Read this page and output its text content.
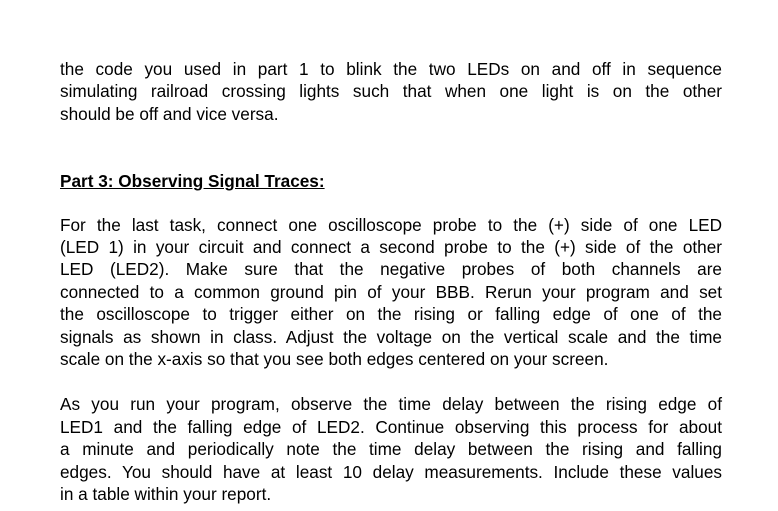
the code you used in part 1 to blink the two LEDs on and off in sequence
simulating railroad crossing lights such that when one light is on the other
should be off and vice versa.

Part 3: Observing Signal Traces:

For the last task, connect one oscilloscope probe to the (+) side of one LED
(LED 1) in your circuit and connect a second probe to the (+) side of the other
LED (LED2). Make sure that the negative probes of both channels are
connected to a common ground pin of your BBB. Rerun your program and set
the oscilloscope to trigger either on the rising or falling edge of one of the
signals as shown in class. Adjust the voltage on the vertical scale and the time
scale on the x-axis so that you see both edges centered on your screen.

As you run your program, observe the time delay between the rising edge of
LED1 and the falling edge of LED2. Continue observing this process for about
a minute and periodically note the time delay between the rising and falling
edges. You should have at least 10 delay measurements. Include these values
in a table within your report.
